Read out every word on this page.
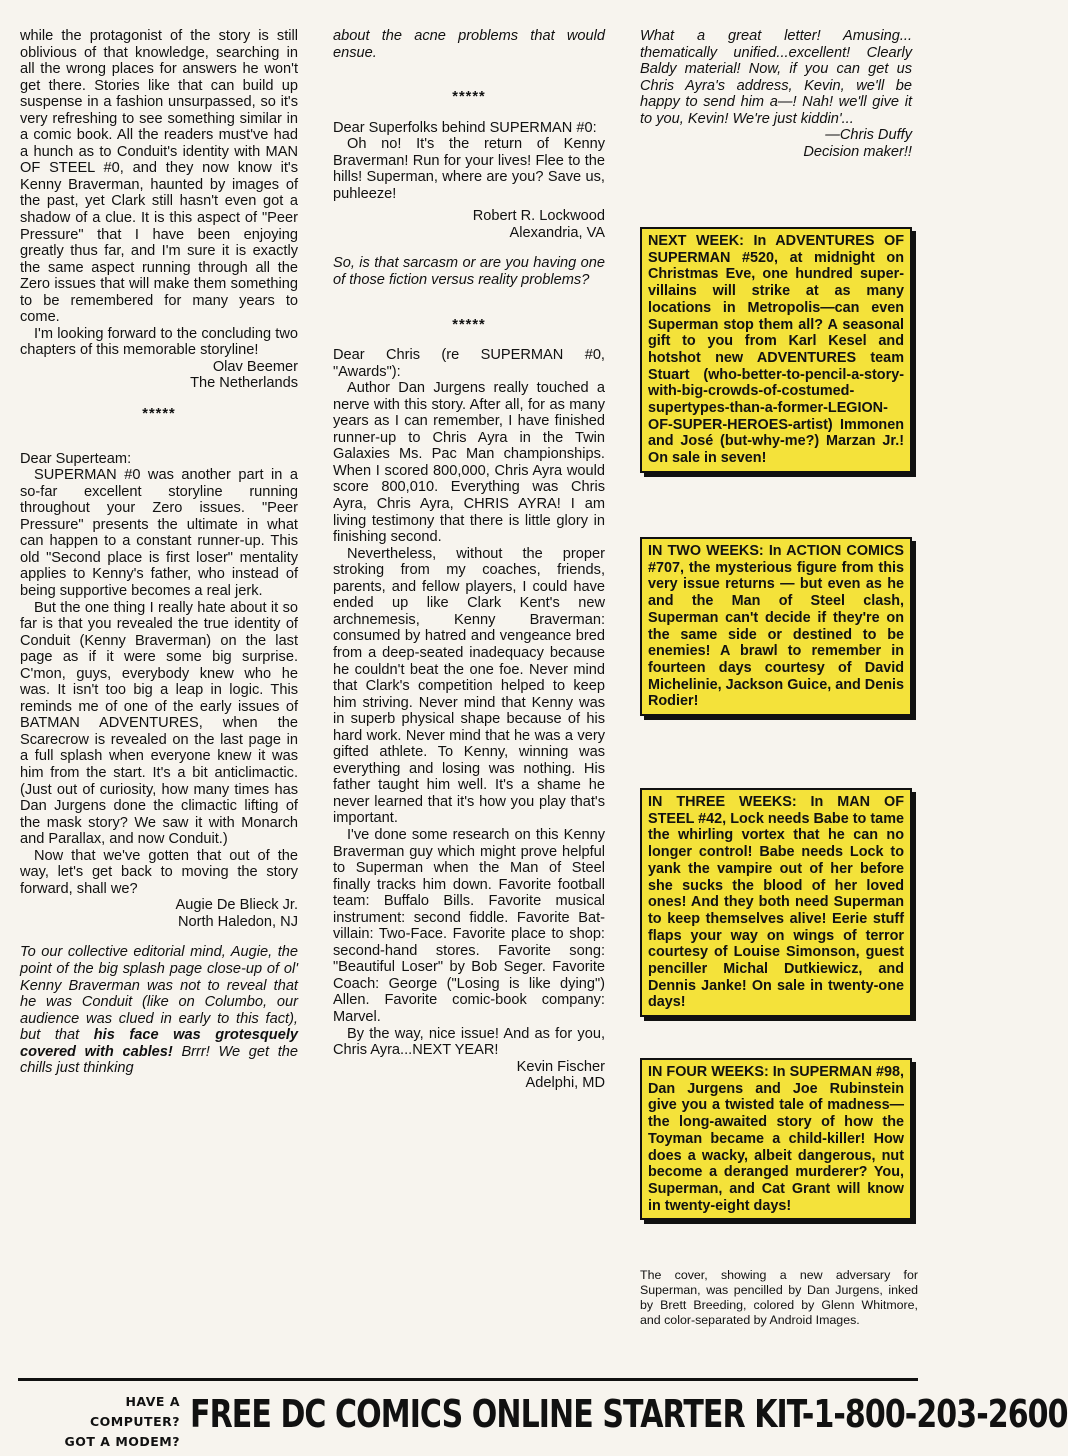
while the protagonist of the story is still oblivious of that knowledge, searching in all the wrong places for answers he won't get there. Stories like that can build up suspense in a fashion unsurpassed, so it's very refreshing to see something similar in a comic book. All the readers must've had a hunch as to Conduit's identity with MAN OF STEEL #0, and they now know it's Kenny Braverman, haunted by images of the past, yet Clark still hasn't even got a shadow of a clue. It is this aspect of "Peer Pressure" that I have been enjoying greatly thus far, and I'm sure it is exactly the same aspect running through all the Zero issues that will make them something to be remembered for many years to come.

I'm looking forward to the concluding two chapters of this memorable storyline!

Olav Beemer

The Netherlands

*****

Dear Superteam:

SUPERMAN #0 was another part in a so-far excellent storyline running throughout your Zero issues. "Peer Pressure" presents the ultimate in what can happen to a constant runner-up. This old "Second place is first loser" mentality applies to Kenny's father, who instead of being supportive becomes a real jerk.

But the one thing I really hate about it so far is that you revealed the true identity of Conduit (Kenny Braverman) on the last page as if it were some big surprise. C'mon, guys, everybody knew who he was. It isn't too big a leap in logic. This reminds me of one of the early issues of BATMAN ADVENTURES, when the Scarecrow is revealed on the last page in a full splash when everyone knew it was him from the start. It's a bit anticlimactic. (Just out of curiosity, how many times has Dan Jurgens done the climactic lifting of the mask story? We saw it with Monarch and Parallax, and now Conduit.)

Now that we've gotten that out of the way, let's get back to moving the story forward, shall we?

Augie De Blieck Jr.

North Haledon, NJ

To our collective editorial mind, Augie, the point of the big splash page close-up of ol' Kenny Braverman was not to reveal that he was Conduit (like on Columbo, our audience was clued in early to this fact), but that his face was grotesquely covered with cables! Brrr! We get the chills just thinking

about the acne problems that would ensue.

*****

Dear Superfolks behind SUPERMAN #0:

Oh no! It's the return of Kenny Braverman! Run for your lives! Flee to the hills! Superman, where are you? Save us, puhleeze!

Robert R. Lockwood

Alexandria, VA

So, is that sarcasm or are you having one of those fiction versus reality problems?

*****

Dear Chris (re SUPERMAN #0, "Awards"):

Author Dan Jurgens really touched a nerve with this story. After all, for as many years as I can remember, I have finished runner-up to Chris Ayra in the Twin Galaxies Ms. Pac Man championships. When I scored 800,000, Chris Ayra would score 800,010. Everything was Chris Ayra, Chris Ayra, CHRIS AYRA! I am living testimony that there is little glory in finishing second.

Nevertheless, without the proper stroking from my coaches, friends, parents, and fellow players, I could have ended up like Clark Kent's new archnemesis, Kenny Braverman: consumed by hatred and vengeance bred from a deep-seated inadequacy because he couldn't beat the one foe. Never mind that Clark's competition helped to keep him striving. Never mind that Kenny was in superb physical shape because of his hard work. Never mind that he was a very gifted athlete. To Kenny, winning was everything and losing was nothing. His father taught him well. It's a shame he never learned that it's how you play that's important.

I've done some research on this Kenny Braverman guy which might prove helpful to Superman when the Man of Steel finally tracks him down. Favorite football team: Buffalo Bills. Favorite musical instrument: second fiddle. Favorite Bat-villain: Two-Face. Favorite place to shop: second-hand stores. Favorite song: "Beautiful Loser" by Bob Seger. Favorite Coach: George ("Losing is like dying") Allen. Favorite comic-book company: Marvel.

By the way, nice issue! And as for you, Chris Ayra...NEXT YEAR!

Kevin Fischer

Adelphi, MD

What a great letter! Amusing... thematically unified...excellent! Clearly Baldy material! Now, if you can get us Chris Ayra's address, Kevin, we'll be happy to send him a—! Nah! we'll give it to you, Kevin! We're just kiddin'...

—Chris Duffy

Decision maker!!

NEXT WEEK: In ADVENTURES OF SUPERMAN #520, at midnight on Christmas Eve, one hundred super-villains will strike at as many locations in Metropolis—can even Superman stop them all? A seasonal gift to you from Karl Kesel and hotshot new ADVENTURES team Stuart (who-better-to-pencil-a-story-with-big-crowds-of-costumed-supertypes-than-a-former-LEGION-OF-SUPER-HEROES-artist) Immonen and José (but-why-me?) Marzan Jr.! On sale in seven!
IN TWO WEEKS: In ACTION COMICS #707, the mysterious figure from this very issue returns — but even as he and the Man of Steel clash, Superman can't decide if they're on the same side or destined to be enemies! A brawl to remember in fourteen days courtesy of David Michelinie, Jackson Guice, and Denis Rodier!
IN THREE WEEKS: In MAN OF STEEL #42, Lock needs Babe to tame the whirling vortex that he can no longer control! Babe needs Lock to yank the vampire out of her before she sucks the blood of her loved ones! And they both need Superman to keep themselves alive! Eerie stuff flaps your way on wings of terror courtesy of Louise Simonson, guest penciller Michal Dutkiewicz, and Dennis Janke! On sale in twenty-one days!
IN FOUR WEEKS: In SUPERMAN #98, Dan Jurgens and Joe Rubinstein give you a twisted tale of madness—the long-awaited story of how the Toyman became a child-killer! How does a wacky, albeit dangerous, nut become a deranged murderer? You, Superman, and Cat Grant will know in twenty-eight days!
The cover, showing a new adversary for Superman, was pencilled by Dan Jurgens, inked by Brett Breeding, colored by Glenn Whitmore, and color-separated by Android Images.
HAVE A COMPUTER?
GOT A MODEM?
FREE DC COMICS ONLINE STARTER KIT-1-800-203-2600
